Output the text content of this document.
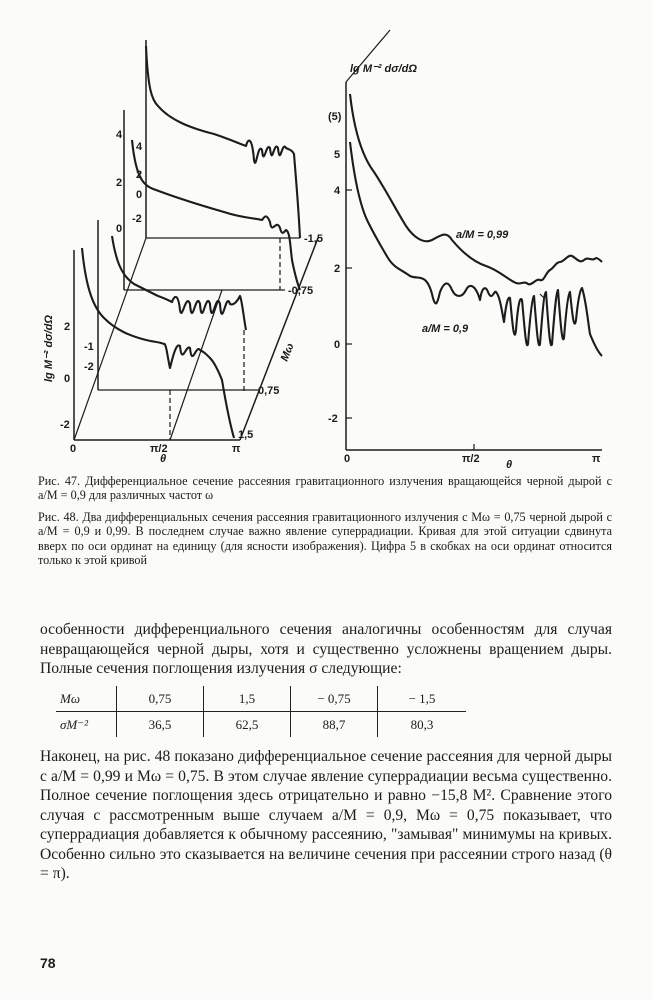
lg M⁻² dσ/dΩ
θ
Mω
0	π/2	π
-2
0
2
-2
-1
0
2
4
-2
0
2
4
1,5
0,75
-0,75
-1,5
lg M⁻² dσ/dΩ
θ
0	π/2	π
(5)
4
2
0
-2
5
a/M = 0,99
a/M = 0,9

Рис. 47. Дифференциальное сечение рассеяния гравитационного излучения вращающейся черной дырой с a/M = 0,9 для различных частот ω

Рис. 48. Два дифференциальных сечения рассеяния гравитационного излучения с Mω = 0,75 черной дырой с a/M = 0,9 и 0,99. В последнем случае важно явление суперрадиации. Кривая для этой ситуации сдвинута вверх по оси ординат на единицу (для ясности изображения). Цифра 5 в скобках на оси ординат относится только к этой кривой

особенности дифференциального сечения аналогичны особенностям для случая невращающейся черной дыры, хотя и существенно усложнены вращением дыры. Полные сечения поглощения излучения σ следующие:

Mω	0,75	1,5	− 0,75	− 1,5
σM⁻²	36,5	62,5	88,7	80,3

Наконец, на рис. 48 показано дифференциальное сечение рассеяния для черной дыры с a/M = 0,99 и Mω = 0,75. В этом случае явление суперрадиации весьма существенно. Полное сечение поглощения здесь отрицательно и равно −15,8 M². Сравнение этого случая с рассмотренным выше случаем a/M = 0,9, Mω = 0,75 показывает, что суперрадиация добавляется к обычному рассеянию, "замывая" минимумы на кривых. Особенно сильно это сказывается на величине сечения при рассеянии строго назад (θ = π).

78
